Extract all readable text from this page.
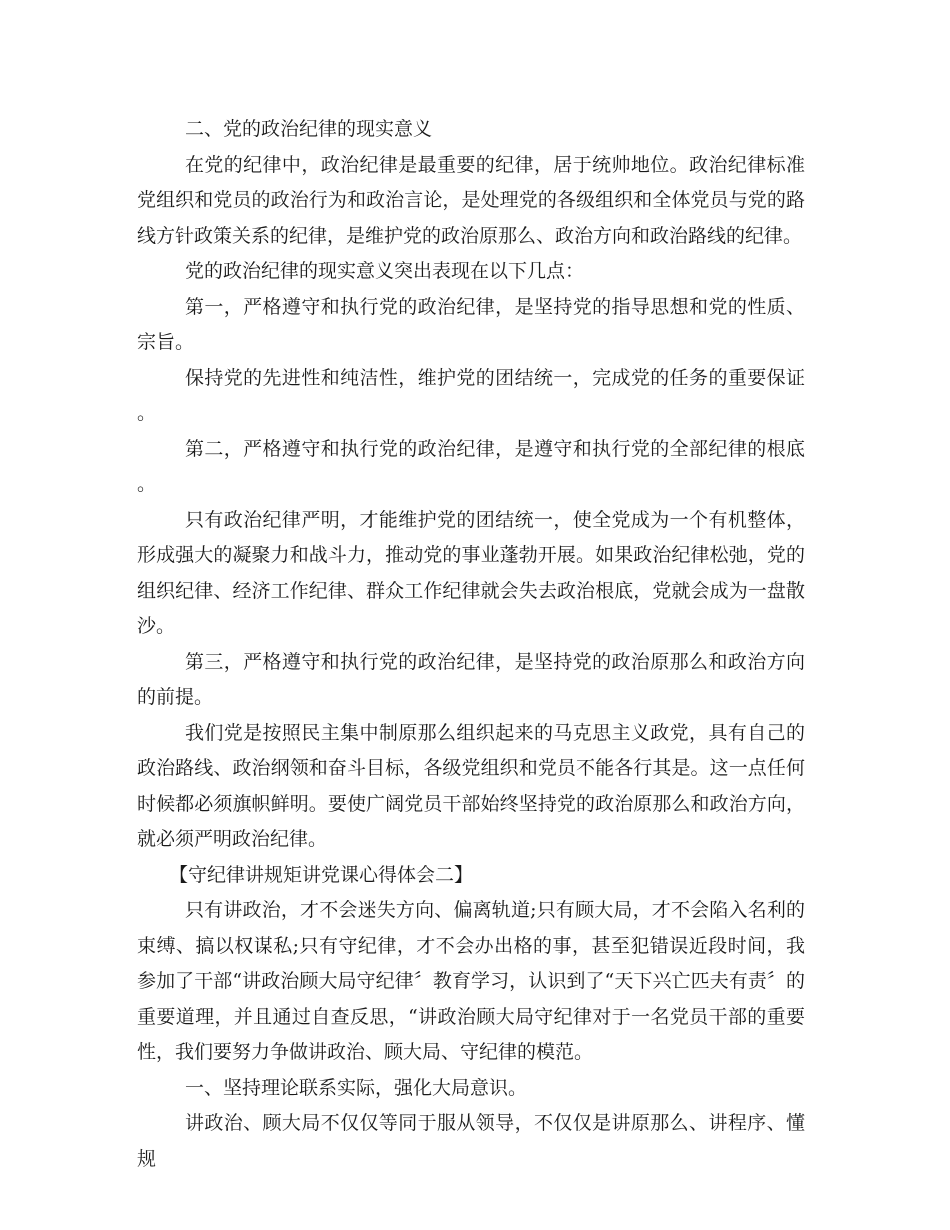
二、党的政治纪律的现实意义

在党的纪律中，政治纪律是最重要的纪律，居于统帅地位。政治纪律标准党组织和党员的政治行为和政治言论，是处理党的各级组织和全体党员与党的路线方针政策关系的纪律，是维护党的政治原那么、政治方向和政治路线的纪律。

党的政治纪律的现实意义突出表现在以下几点：

第一，严格遵守和执行党的政治纪律，是坚持党的指导思想和党的性质、宗旨。

保持党的先进性和纯洁性，维护党的团结统一，完成党的任务的重要保证。

第二，严格遵守和执行党的政治纪律，是遵守和执行党的全部纪律的根底。

只有政治纪律严明，才能维护党的团结统一，使全党成为一个有机整体，形成强大的凝聚力和战斗力，推动党的事业蓬勃开展。如果政治纪律松弛，党的组织纪律、经济工作纪律、群众工作纪律就会失去政治根底，党就会成为一盘散沙。

第三，严格遵守和执行党的政治纪律，是坚持党的政治原那么和政治方向的前提。

我们党是按照民主集中制原那么组织起来的马克思主义政党，具有自己的政治路线、政治纲领和奋斗目标，各级党组织和党员不能各行其是。这一点任何时候都必须旗帜鲜明。要使广阔党员干部始终坚持党的政治原那么和政治方向，就必须严明政治纪律。

【守纪律讲规矩讲党课心得体会二】

只有讲政治，才不会迷失方向、偏离轨道;只有顾大局，才不会陷入名利的束缚、搞以权谋私;只有守纪律，才不会办出格的事，甚至犯错误近段时间，我参加了干部“讲政治顾大局守纪律〞教育学习，认识到了“天下兴亡匹夫有责〞的重要道理，并且通过自查反思，“讲政治顾大局守纪律对于一名党员干部的重要性，我们要努力争做讲政治、顾大局、守纪律的模范。

一、坚持理论联系实际，强化大局意识。

讲政治、顾大局不仅仅等同于服从领导，不仅仅是讲原那么、讲程序、懂规
